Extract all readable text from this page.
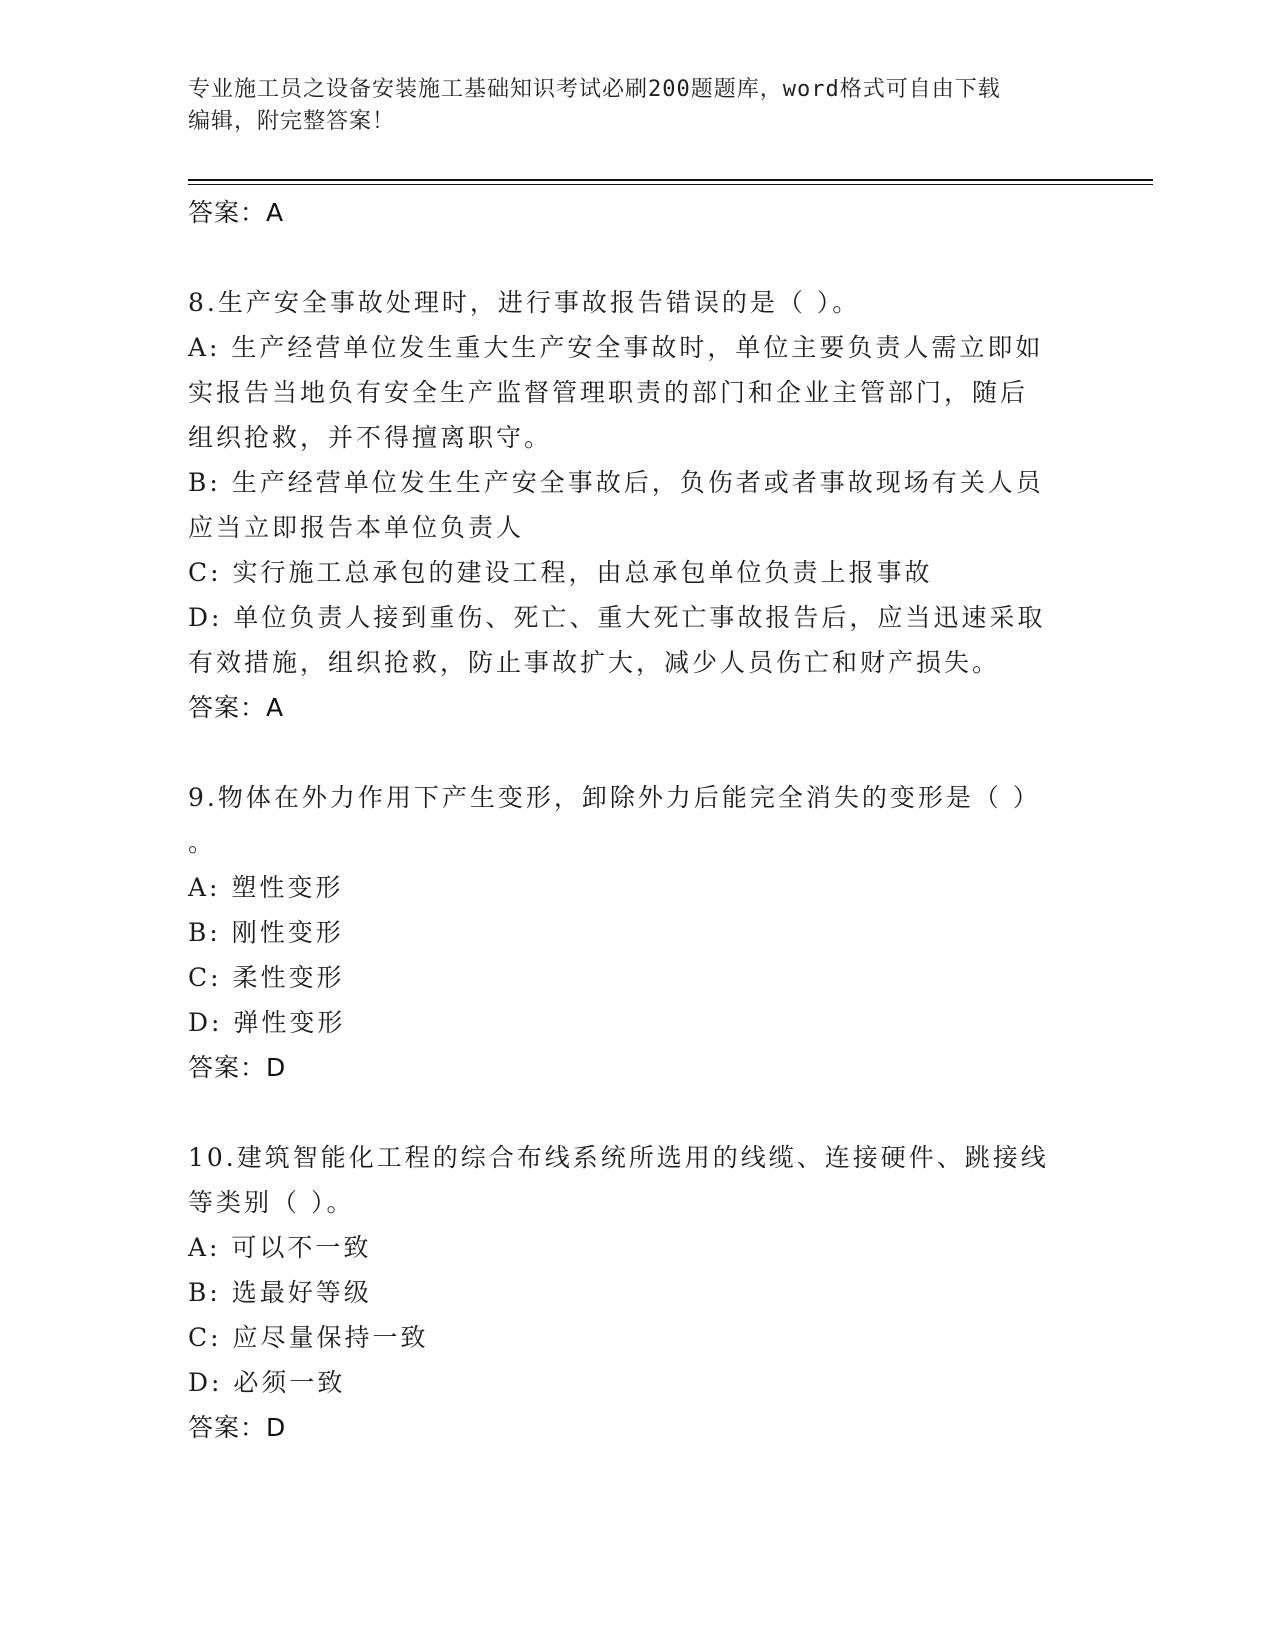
专业施工员之设备安装施工基础知识考试必刷200题题库，word格式可自由下载
编辑，附完整答案！
答案：A
8.生产安全事故处理时，进行事故报告错误的是（ ）。
A: 生产经营单位发生重大生产安全事故时，单位主要负责人需立即如
实报告当地负有安全生产监督管理职责的部门和企业主管部门，随后
组织抢救，并不得擅离职守。
B: 生产经营单位发生生产安全事故后，负伤者或者事故现场有关人员
应当立即报告本单位负责人
C: 实行施工总承包的建设工程，由总承包单位负责上报事故
D: 单位负责人接到重伤、死亡、重大死亡事故报告后，应当迅速采取
有效措施，组织抢救，防止事故扩大，减少人员伤亡和财产损失。
答案：A
9.物体在外力作用下产生变形，卸除外力后能完全消失的变形是（ ）
。
A: 塑性变形
B: 刚性变形
C: 柔性变形
D: 弹性变形
答案：D
10.建筑智能化工程的综合布线系统所选用的线缆、连接硬件、跳接线
等类别（ ）。
A: 可以不一致
B: 选最好等级
C: 应尽量保持一致
D: 必须一致
答案：D
